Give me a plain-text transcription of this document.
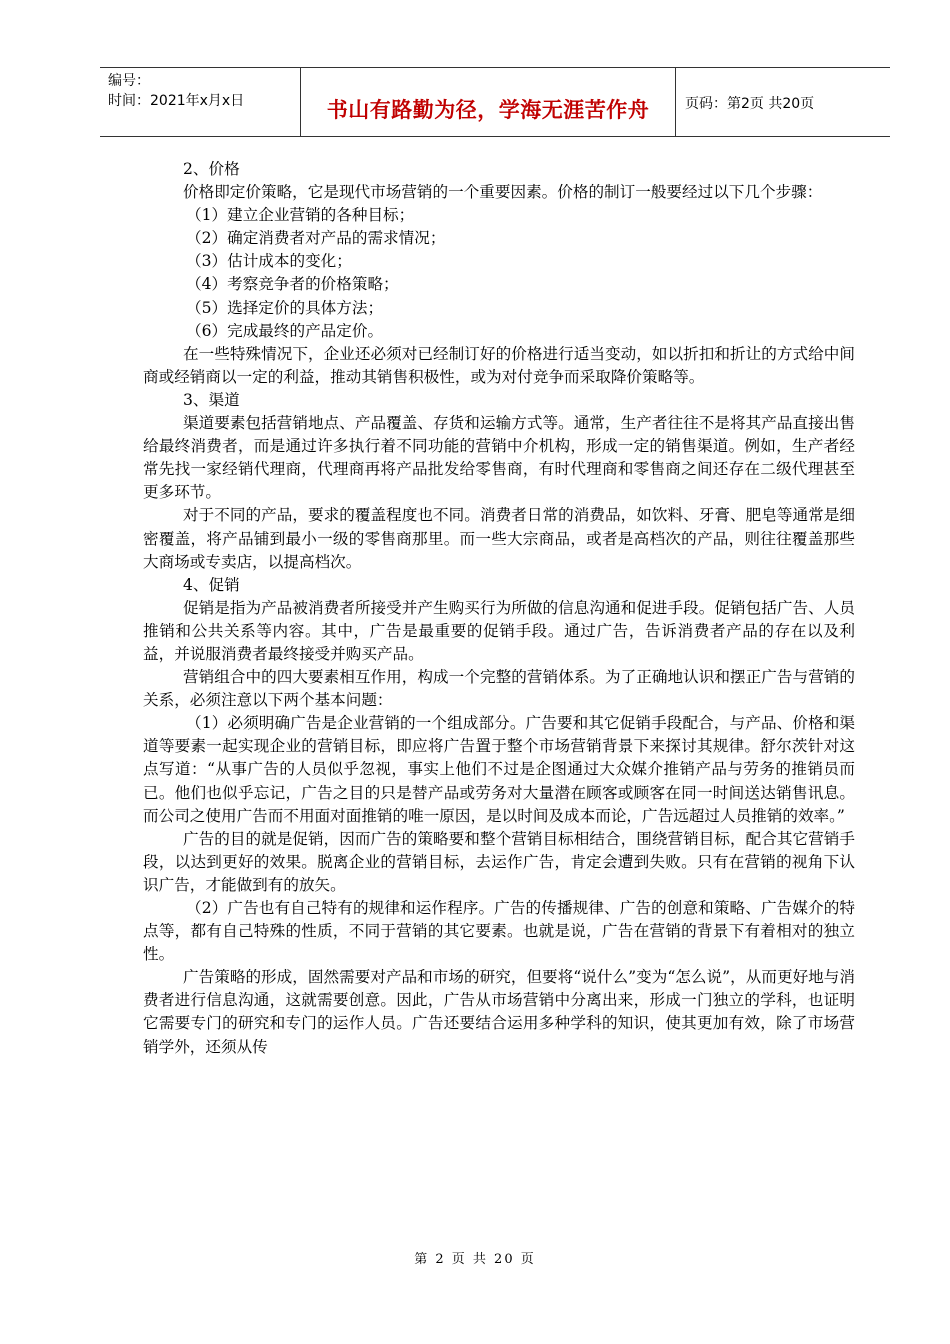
编号：
时间：2021年x月x日	书山有路勤为径，学海无涯苦作舟	页码：第2页 共20页

2、价格

价格即定价策略，它是现代市场营销的一个重要因素。价格的制订一般要经过以下几个步骤：

（1）建立企业营销的各种目标；

（2）确定消费者对产品的需求情况；

（3）估计成本的变化；

（4）考察竞争者的价格策略；

（5）选择定价的具体方法；

（6）完成最终的产品定价。

在一些特殊情况下，企业还必须对已经制订好的价格进行适当变动，如以折扣和折让的方式给中间商或经销商以一定的利益，推动其销售积极性，或为对付竞争而采取降价策略等。

3、渠道

渠道要素包括营销地点、产品覆盖、存货和运输方式等。通常，生产者往往不是将其产品直接出售给最终消费者，而是通过许多执行着不同功能的营销中介机构，形成一定的销售渠道。例如，生产者经常先找一家经销代理商，代理商再将产品批发给零售商，有时代理商和零售商之间还存在二级代理甚至更多环节。

对于不同的产品，要求的覆盖程度也不同。消费者日常的消费品，如饮料、牙膏、肥皂等通常是细密覆盖，将产品铺到最小一级的零售商那里。而一些大宗商品，或者是高档次的产品，则往往覆盖那些大商场或专卖店，以提高档次。

4、促销

促销是指为产品被消费者所接受并产生购买行为所做的信息沟通和促进手段。促销包括广告、人员推销和公共关系等内容。其中，广告是最重要的促销手段。通过广告，告诉消费者产品的存在以及利益，并说服消费者最终接受并购买产品。

营销组合中的四大要素相互作用，构成一个完整的营销体系。为了正确地认识和摆正广告与营销的关系，必须注意以下两个基本问题：

（1）必须明确广告是企业营销的一个组成部分。广告要和其它促销手段配合，与产品、价格和渠道等要素一起实现企业的营销目标，即应将广告置于整个市场营销背景下来探讨其规律。舒尔茨针对这点写道：“从事广告的人员似乎忽视，事实上他们不过是企图通过大众媒介推销产品与劳务的推销员而已。他们也似乎忘记，广告之目的只是替产品或劳务对大量潜在顾客或顾客在同一时间送达销售讯息。而公司之使用广告而不用面对面推销的唯一原因，是以时间及成本而论，广告远超过人员推销的效率。”

广告的目的就是促销，因而广告的策略要和整个营销目标相结合，围绕营销目标，配合其它营销手段，以达到更好的效果。脱离企业的营销目标，去运作广告，肯定会遭到失败。只有在营销的视角下认识广告，才能做到有的放矢。

（2）广告也有自己特有的规律和运作程序。广告的传播规律、广告的创意和策略、广告媒介的特点等，都有自己特殊的性质，不同于营销的其它要素。也就是说，广告在营销的背景下有着相对的独立性。

广告策略的形成，固然需要对产品和市场的研究，但要将“说什么”变为“怎么说”，从而更好地与消费者进行信息沟通，这就需要创意。因此，广告从市场营销中分离出来，形成一门独立的学科，也证明它需要专门的研究和专门的运作人员。广告还要结合运用多种学科的知识，使其更加有效，除了市场营销学外，还须从传

第 2 页 共 20 页
